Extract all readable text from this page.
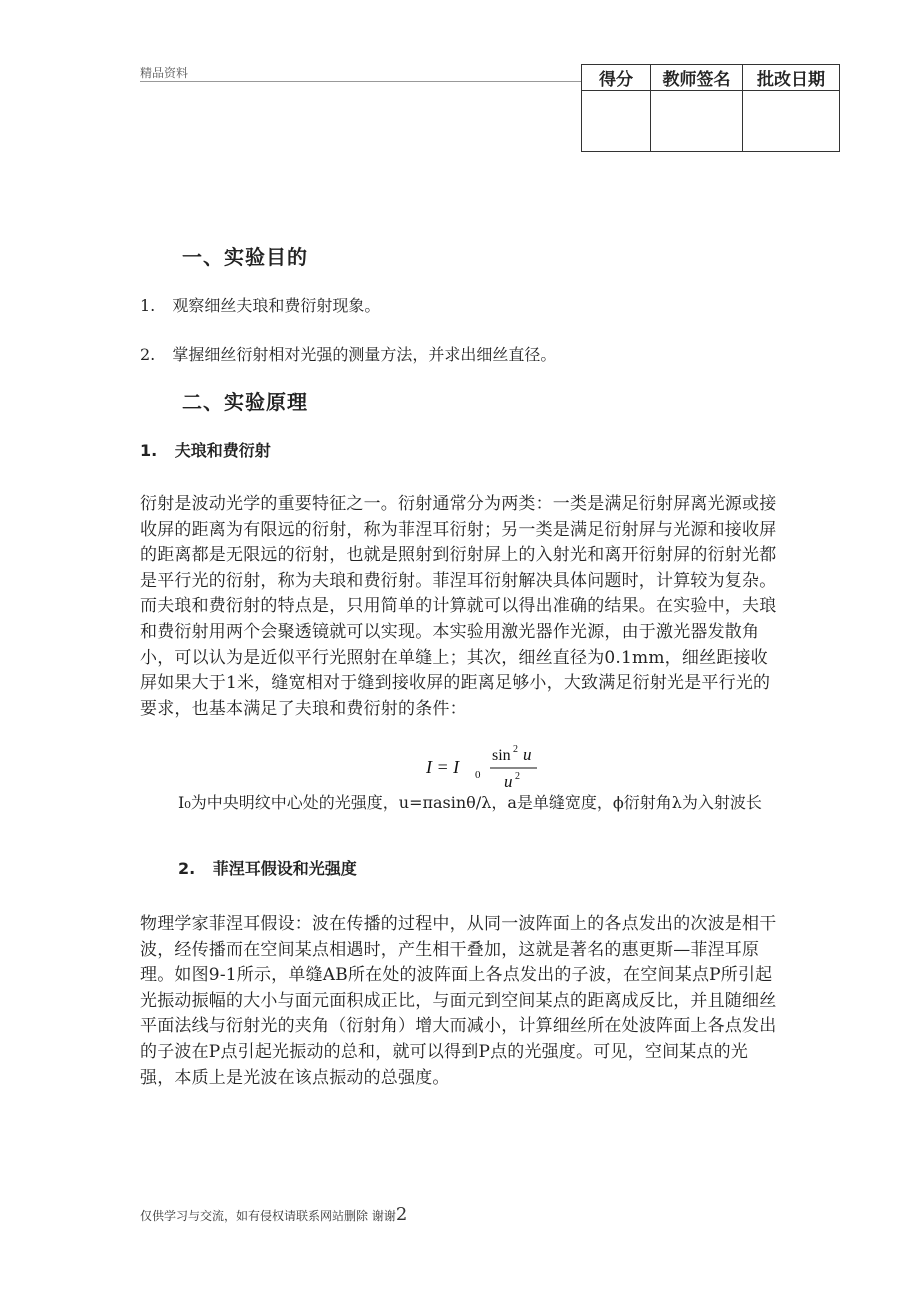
精品资料	得分	教师签名	批改日期

一、实验目的
1. 观察细丝夫琅和费衍射现象。
2. 掌握细丝衍射相对光强的测量方法，并求出细丝直径。
二、实验原理
1. 夫琅和费衍射

衍射是波动光学的重要特征之一。衍射通常分为两类：一类是满足衍射屏离光源或接收屏的距离为有限远的衍射，称为菲涅耳衍射；另一类是满足衍射屏与光源和接收屏的距离都是无限远的衍射，也就是照射到衍射屏上的入射光和离开衍射屏的衍射光都是平行光的衍射，称为夫琅和费衍射。菲涅耳衍射解决具体问题时，计算较为复杂。而夫琅和费衍射的特点是，只用简单的计算就可以得出准确的结果。在实验中，夫琅和费衍射用两个会聚透镜就可以实现。本实验用激光器作光源，由于激光器发散角小，可以认为是近似平行光照射在单缝上；其次，细丝直径为0.1mm，细丝距接收屏如果大于1米，缝宽相对于缝到接收屏的距离足够小，大致满足衍射光是平行光的要求，也基本满足了夫琅和费衍射的条件：

I = I 0
sin 2 u
u 2
I₀为中央明纹中心处的光强度，u=πasinθ/λ，a是单缝宽度，ϕ衍射角λ为入射波长
2. 菲涅耳假设和光强度

物理学家菲涅耳假设：波在传播的过程中，从同一波阵面上的各点发出的次波是相干波，经传播而在空间某点相遇时，产生相干叠加，这就是著名的惠更斯—菲涅耳原理。如图9-1所示，单缝AB所在处的波阵面上各点发出的子波，在空间某点P所引起光振动振幅的大小与面元面积成正比，与面元到空间某点的距离成反比，并且随细丝平面法线与衍射光的夹角（衍射角）增大而减小，计算细丝所在处波阵面上各点发出的子波在P点引起光振动的总和，就可以得到P点的光强度。可见，空间某点的光强，本质上是光波在该点振动的总强度。

仅供学习与交流，如有侵权请联系网站删除 谢谢2
